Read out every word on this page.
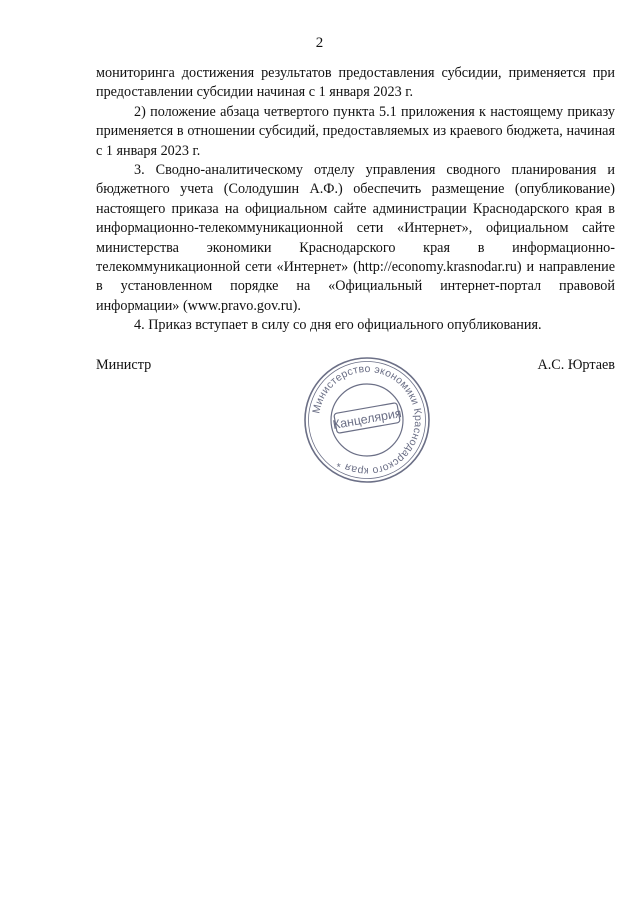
2

мониторинга достижения результатов предоставления субсидии, применяется при предоставлении субсидии начиная с 1 января 2023 г.

2) положение абзаца четвертого пункта 5.1 приложения к настоящему приказу применяется в отношении субсидий, предоставляемых из краевого бюджета, начиная с 1 января 2023 г.

3. Сводно-аналитическому отделу управления сводного планирования и бюджетного учета (Солодушин А.Ф.) обеспечить размещение (опубликование) настоящего приказа на официальном сайте администрации Краснодарского края в информационно-телекоммуникационной сети «Интернет», официальном сайте министерства экономики Краснодарского края в информационно-телекоммуникационной сети «Интернет» (http://economy.krasnodar.ru) и направление в установленном порядке на «Официальный интернет-портал правовой информации» (www.pravo.gov.ru).

4. Приказ вступает в силу со дня его официального опубликования.

Министр	А.С. Юртаев
Министерство экономики Краснодарского края *
Канцелярия
